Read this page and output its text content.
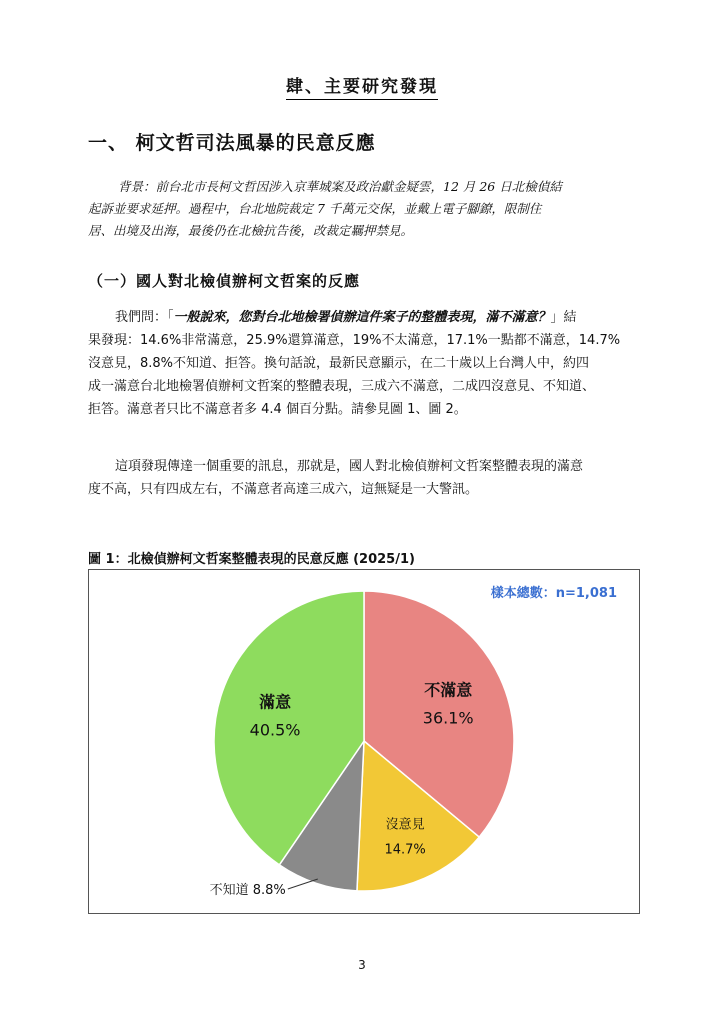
肆、主要研究發現
一、 柯文哲司法風暴的民意反應

背景：前台北市長柯文哲因涉入京華城案及政治獻金疑雲，12 月 26 日北檢偵結

起訴並要求延押。過程中，台北地院裁定 7 千萬元交保，並戴上電子腳鐐，限制住

居、出境及出海，最後仍在北檢抗告後，改裁定羈押禁見。

（一）國人對北檢偵辦柯文哲案的反應

我們問：「一般說來，您對台北地檢署偵辦這件案子的整體表現，滿不滿意？」結

果發現：14.6%非常滿意，25.9%還算滿意，19%不太滿意，17.1%一點都不滿意，14.7%

沒意見，8.8%不知道、拒答。換句話說，最新民意顯示，在二十歲以上台灣人中，約四

成一滿意台北地檢署偵辦柯文哲案的整體表現，三成六不滿意，二成四沒意見、不知道、

拒答。滿意者只比不滿意者多 4.4 個百分點。請參見圖 1、圖 2。

這項發現傳達一個重要的訊息，那就是，國人對北檢偵辦柯文哲案整體表現的滿意

度不高，只有四成左右，不滿意者高達三成六，這無疑是一大警訊。

圖 1：北檢偵辦柯文哲案整體表現的民意反應 (2025/1)
不滿意
36.1%
沒意見
14.7%
不知道 8.8%
滿意
40.5%
樣本總數：n=1,081
3
